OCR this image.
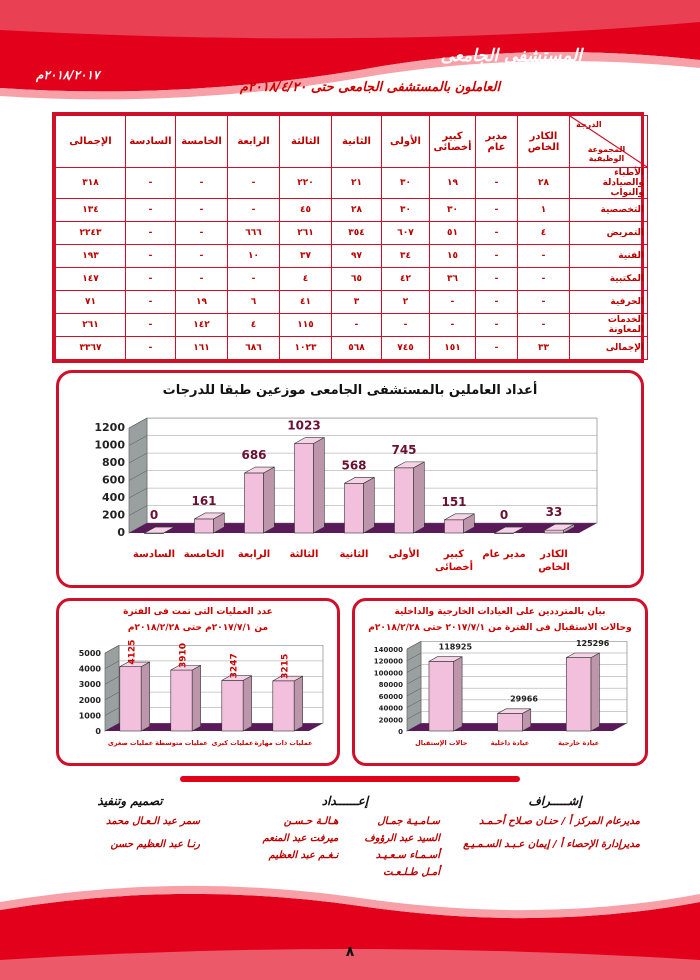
المستشفى الجامعى
٢٠١٨/٢٠١٧م
العاملون بالمستشفى الجامعى حتى ٢٠١٨/٤/٢٠م
الدرجة
المجموعة الوظيفية	الكادر الخاص	مدير عام	كبير أخصائى	الأولى	الثانية	الثالثة	الرابعة	الخامسة	السادسة	الإجمالى
الأطباء والصيادلة والنواب	٢٨	-	١٩	٣٠	٢١	٢٢٠	-	-	-	٣١٨
التخصصية	١	-	٣٠	٣٠	٢٨	٤٥	-	-	-	١٣٤
التمريض	٤	-	٥١	٦٠٧	٣٥٤	٢٦١	٦٦٦	-	-	٢٢٤٣
الفنية	-	-	١٥	٣٤	٩٧	٣٧	١٠	-	-	١٩٣
المكتبية	-	-	٣٦	٤٢	٦٥	٤	-	-	-	١٤٧
الحرفية	-	-	-	٢	٣	٤١	٦	١٩	-	٧١
الخدمات المعاونة	-	-	-	-	-	١١٥	٤	١٤٢	-	٢٦١
الإجمالى	٣٣	-	١٥١	٧٤٥	٥٦٨	١٠٢٣	٦٨٦	١٦١	-	٣٣٦٧
أعداد العاملين بالمستشفى الجامعى موزعين طبقا للدرجات
0
200
400
600
800
1000
1200
33
الكادر
الخاص
0
مدير عام
151
كبير
أخصائى
745
الأولى
568
الثانية
1023
الثالثة
686
الرابعة
161
الخامسة
0
السادسة
عدد العمليات التى تمت فى الفترة
من ٢٠١٧/٧/١م حتى ٢٠١٨/٢/٢٨م
0
1000
2000
3000
4000
5000
3215
عمليات ذات مهارة
3247
عمليات كبرى
3910
عمليات متوسطة
4125
عمليات صغرى
بيان بالمترددين على العيادات الخارجية والداخلية
وحالات الاستقبال فى الفترة من ٢٠١٧/٧/١ حتى ٢٠١٨/٢/٢٨م
0
20000
40000
60000
80000
100000
120000
140000
125296
عيادة خارجية
29966
عيادة داخلية
118925
حالات الإستقبال
إشـــــراف
مديرعام المركز أ / حنـان صـلاح أحـمـد
مديرإدارة الإحصاء أ / إيمان عـبـد السـمـيـع
إعــــــداد
سـامـيـة جمـال
السيد عبد الرؤوف
أسـمـاء سـعـيـد
أمـل طـلـعـت
هـالـة حـسـن
ميرفت عبد المنعم
نـغـم عبد العظيم
تصميم وتنفيذ
سمر عبد الـعـال محمد
رنـا عبد العظيم حسن
٨
